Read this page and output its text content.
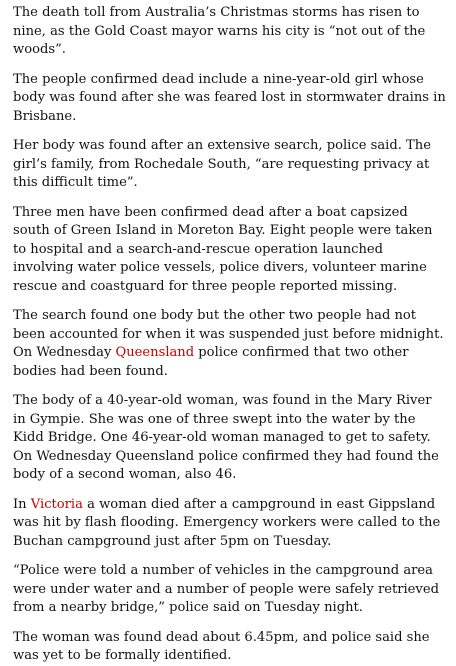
The death toll from Australia’s Christmas storms has risen to nine, as the Gold Coast mayor warns his city is “not out of the woods”.

The people confirmed dead include a nine-year-old girl whose body was found after she was feared lost in stormwater drains in Brisbane.

Her body was found after an extensive search, police said. The girl’s family, from Rochedale South, “are requesting privacy at this difficult time”.

Three men have been confirmed dead after a boat capsized south of Green Island in Moreton Bay. Eight people were taken to hospital and a search-and-rescue operation launched involving water police vessels, police divers, volunteer marine rescue and coastguard for three people reported missing.

The search found one body but the other two people had not been accounted for when it was suspended just before midnight. On Wednesday Queensland police confirmed that two other bodies had been found.

The body of a 40-year-old woman, was found in the Mary River in Gympie. She was one of three swept into the water by the Kidd Bridge. One 46-year-old woman managed to get to safety. On Wednesday Queensland police confirmed they had found the body of a second woman, also 46.

In Victoria a woman died after a campground in east Gippsland was hit by flash flooding. Emergency workers were called to the Buchan campground just after 5pm on Tuesday.

“Police were told a number of vehicles in the campground area were under water and a number of people were safely retrieved from a nearby bridge,” police said on Tuesday night.

The woman was found dead about 6.45pm, and police said she was yet to be formally identified.
